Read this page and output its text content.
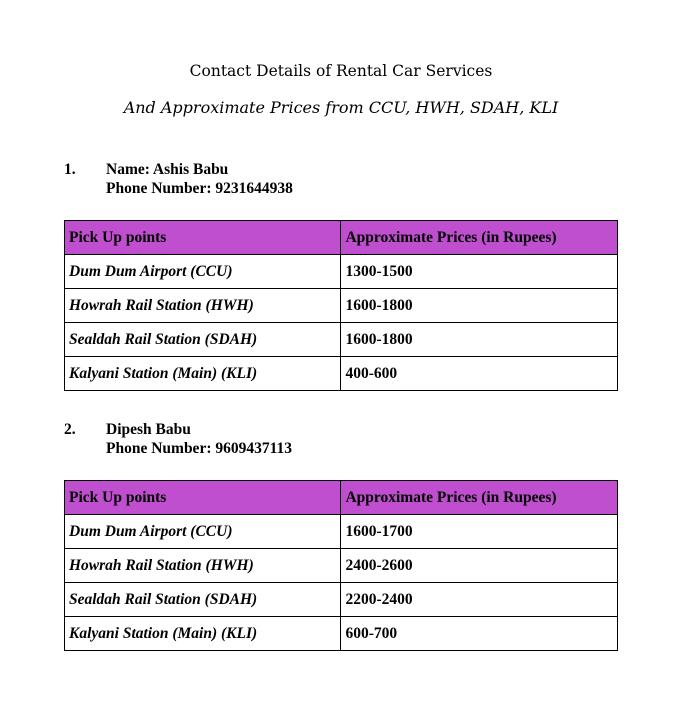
Contact Details of Rental Car Services
And Approximate Prices from CCU, HWH, SDAH, KLI
1. Name: Ashis Babu
Phone Number: 9231644938
Pick Up points	Approximate Prices (in Rupees)
Dum Dum Airport (CCU)	1300-1500
Howrah Rail Station (HWH)	1600-1800
Sealdah Rail Station (SDAH)	1600-1800
Kalyani Station (Main) (KLI)	400-600
2. Dipesh Babu
Phone Number: 9609437113
Pick Up points	Approximate Prices (in Rupees)
Dum Dum Airport (CCU)	1600-1700
Howrah Rail Station (HWH)	2400-2600
Sealdah Rail Station (SDAH)	2200-2400
Kalyani Station (Main) (KLI)	600-700
